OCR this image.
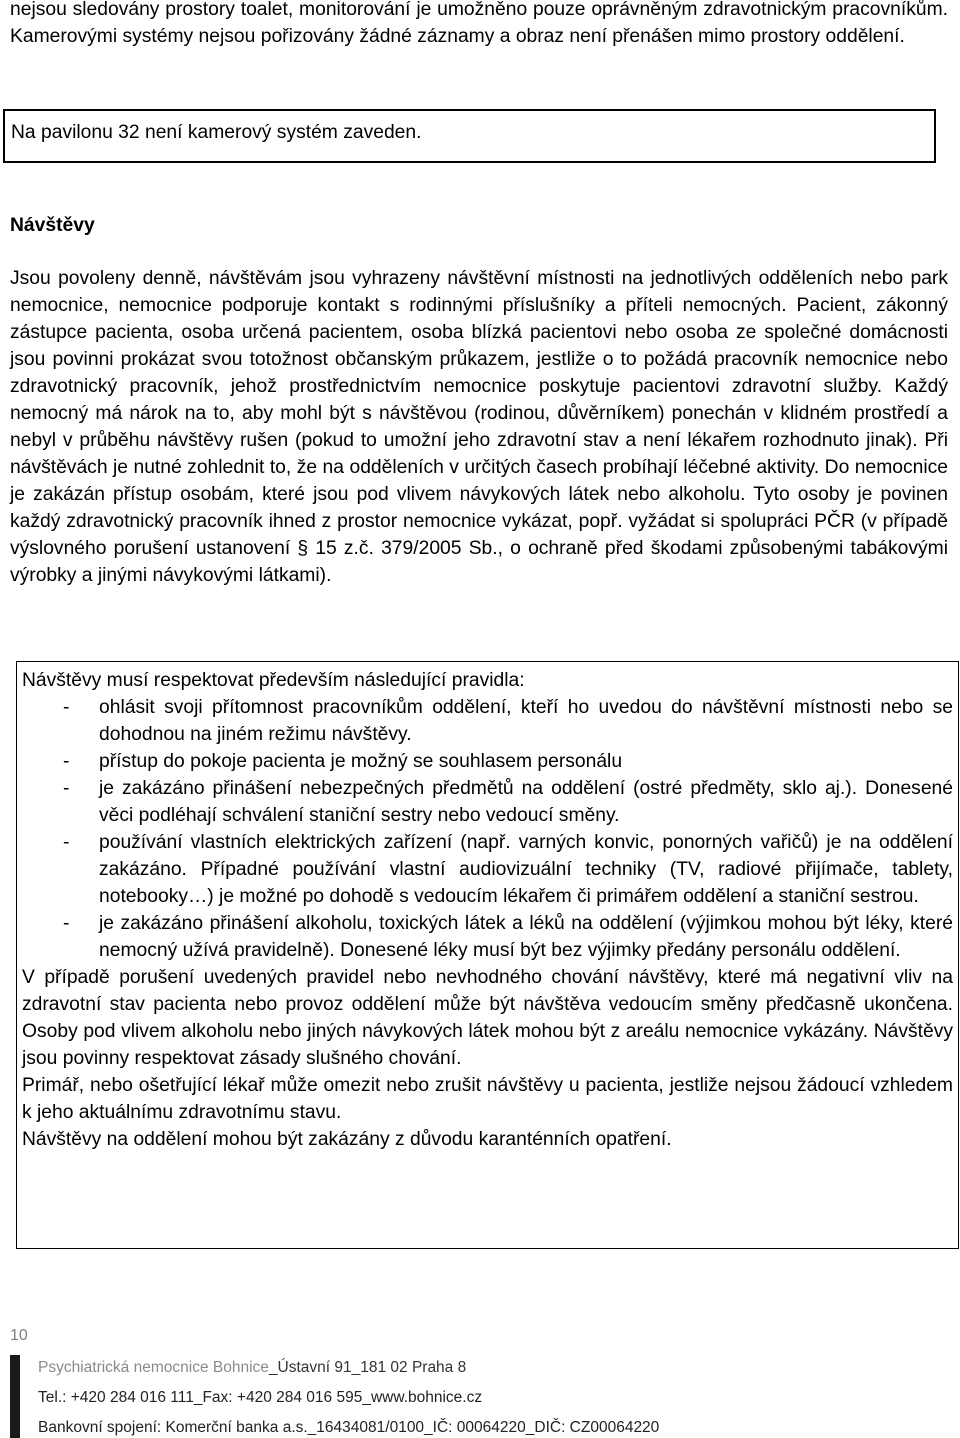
nejsou sledovány prostory toalet, monitorování je umožněno pouze oprávněným zdravotnickým pracovníkům. Kamerovými systémy nejsou pořizovány žádné záznamy a obraz není přenášen mimo prostory oddělení.

Na pavilonu 32 není kamerový systém zaveden.

Návštěvy

Jsou povoleny denně, návštěvám jsou vyhrazeny návštěvní místnosti na jednotlivých odděleních nebo park nemocnice, nemocnice podporuje kontakt s rodinnými příslušníky a příteli nemocných. Pacient, zákonný zástupce pacienta, osoba určená pacientem, osoba blízká pacientovi nebo osoba ze společné domácnosti jsou povinni prokázat svou totožnost občanským průkazem, jestliže o to požádá pracovník nemocnice nebo zdravotnický pracovník, jehož prostřednictvím nemocnice poskytuje pacientovi zdravotní služby. Každý nemocný má nárok na to, aby mohl být s návštěvou (rodinou, důvěrníkem) ponechán v klidném prostředí a nebyl v průběhu návštěvy rušen (pokud to umožní jeho zdravotní stav a není lékařem rozhodnuto jinak). Při návštěvách je nutné zohlednit to, že na odděleních v určitých časech probíhají léčebné aktivity. Do nemocnice je zakázán přístup osobám, které jsou pod vlivem návykových látek nebo alkoholu. Tyto osoby je povinen každý zdravotnický pracovník ihned z prostor nemocnice vykázat, popř. vyžádat si spolupráci PČR (v případě výslovného porušení ustanovení § 15 z.č. 379/2005 Sb., o ochraně před škodami způsobenými tabákovými výrobky a jinými návykovými látkami).

Návštěvy musí respektovat především následující pravidla:

- ohlásit svoji přítomnost pracovníkům oddělení, kteří ho uvedou do návštěvní místnosti nebo se dohodnou na jiném režimu návštěvy.
- přístup do pokoje pacienta je možný se souhlasem personálu
- je zakázáno přinášení nebezpečných předmětů na oddělení (ostré předměty, sklo aj.). Donesené věci podléhají schválení staniční sestry nebo vedoucí směny.
- používání vlastních elektrických zařízení (např. varných konvic, ponorných vařičů) je na oddělení zakázáno. Případné používání vlastní audiovizuální techniky (TV, radiové přijímače, tablety, notebooky…) je možné po dohodě s vedoucím lékařem či primářem oddělení a staniční sestrou.
- je zakázáno přinášení alkoholu, toxických látek a léků na oddělení (výjimkou mohou být léky, které nemocný užívá pravidelně). Donesené léky musí být bez výjimky předány personálu oddělení.

V případě porušení uvedených pravidel nebo nevhodného chování návštěvy, které má negativní vliv na zdravotní stav pacienta nebo provoz oddělení může být návštěva vedoucím směny předčasně ukončena. Osoby pod vlivem alkoholu nebo jiných návykových látek mohou být z areálu nemocnice vykázány. Návštěvy jsou povinny respektovat zásady slušného chování.

Primář, nebo ošetřující lékař může omezit nebo zrušit návštěvy u pacienta, jestliže nejsou žádoucí vzhledem k jeho aktuálnímu zdravotnímu stavu.

Návštěvy na oddělení mohou být zakázány z důvodu karanténních opatření.

10
Psychiatrická nemocnice Bohnice_Ústavní 91_181 02 Praha 8
Tel.: +420 284 016 111_Fax: +420 284 016 595_www.bohnice.cz
Bankovní spojení: Komerční banka a.s._16434081/0100_IČ: 00064220_DIČ: CZ00064220
